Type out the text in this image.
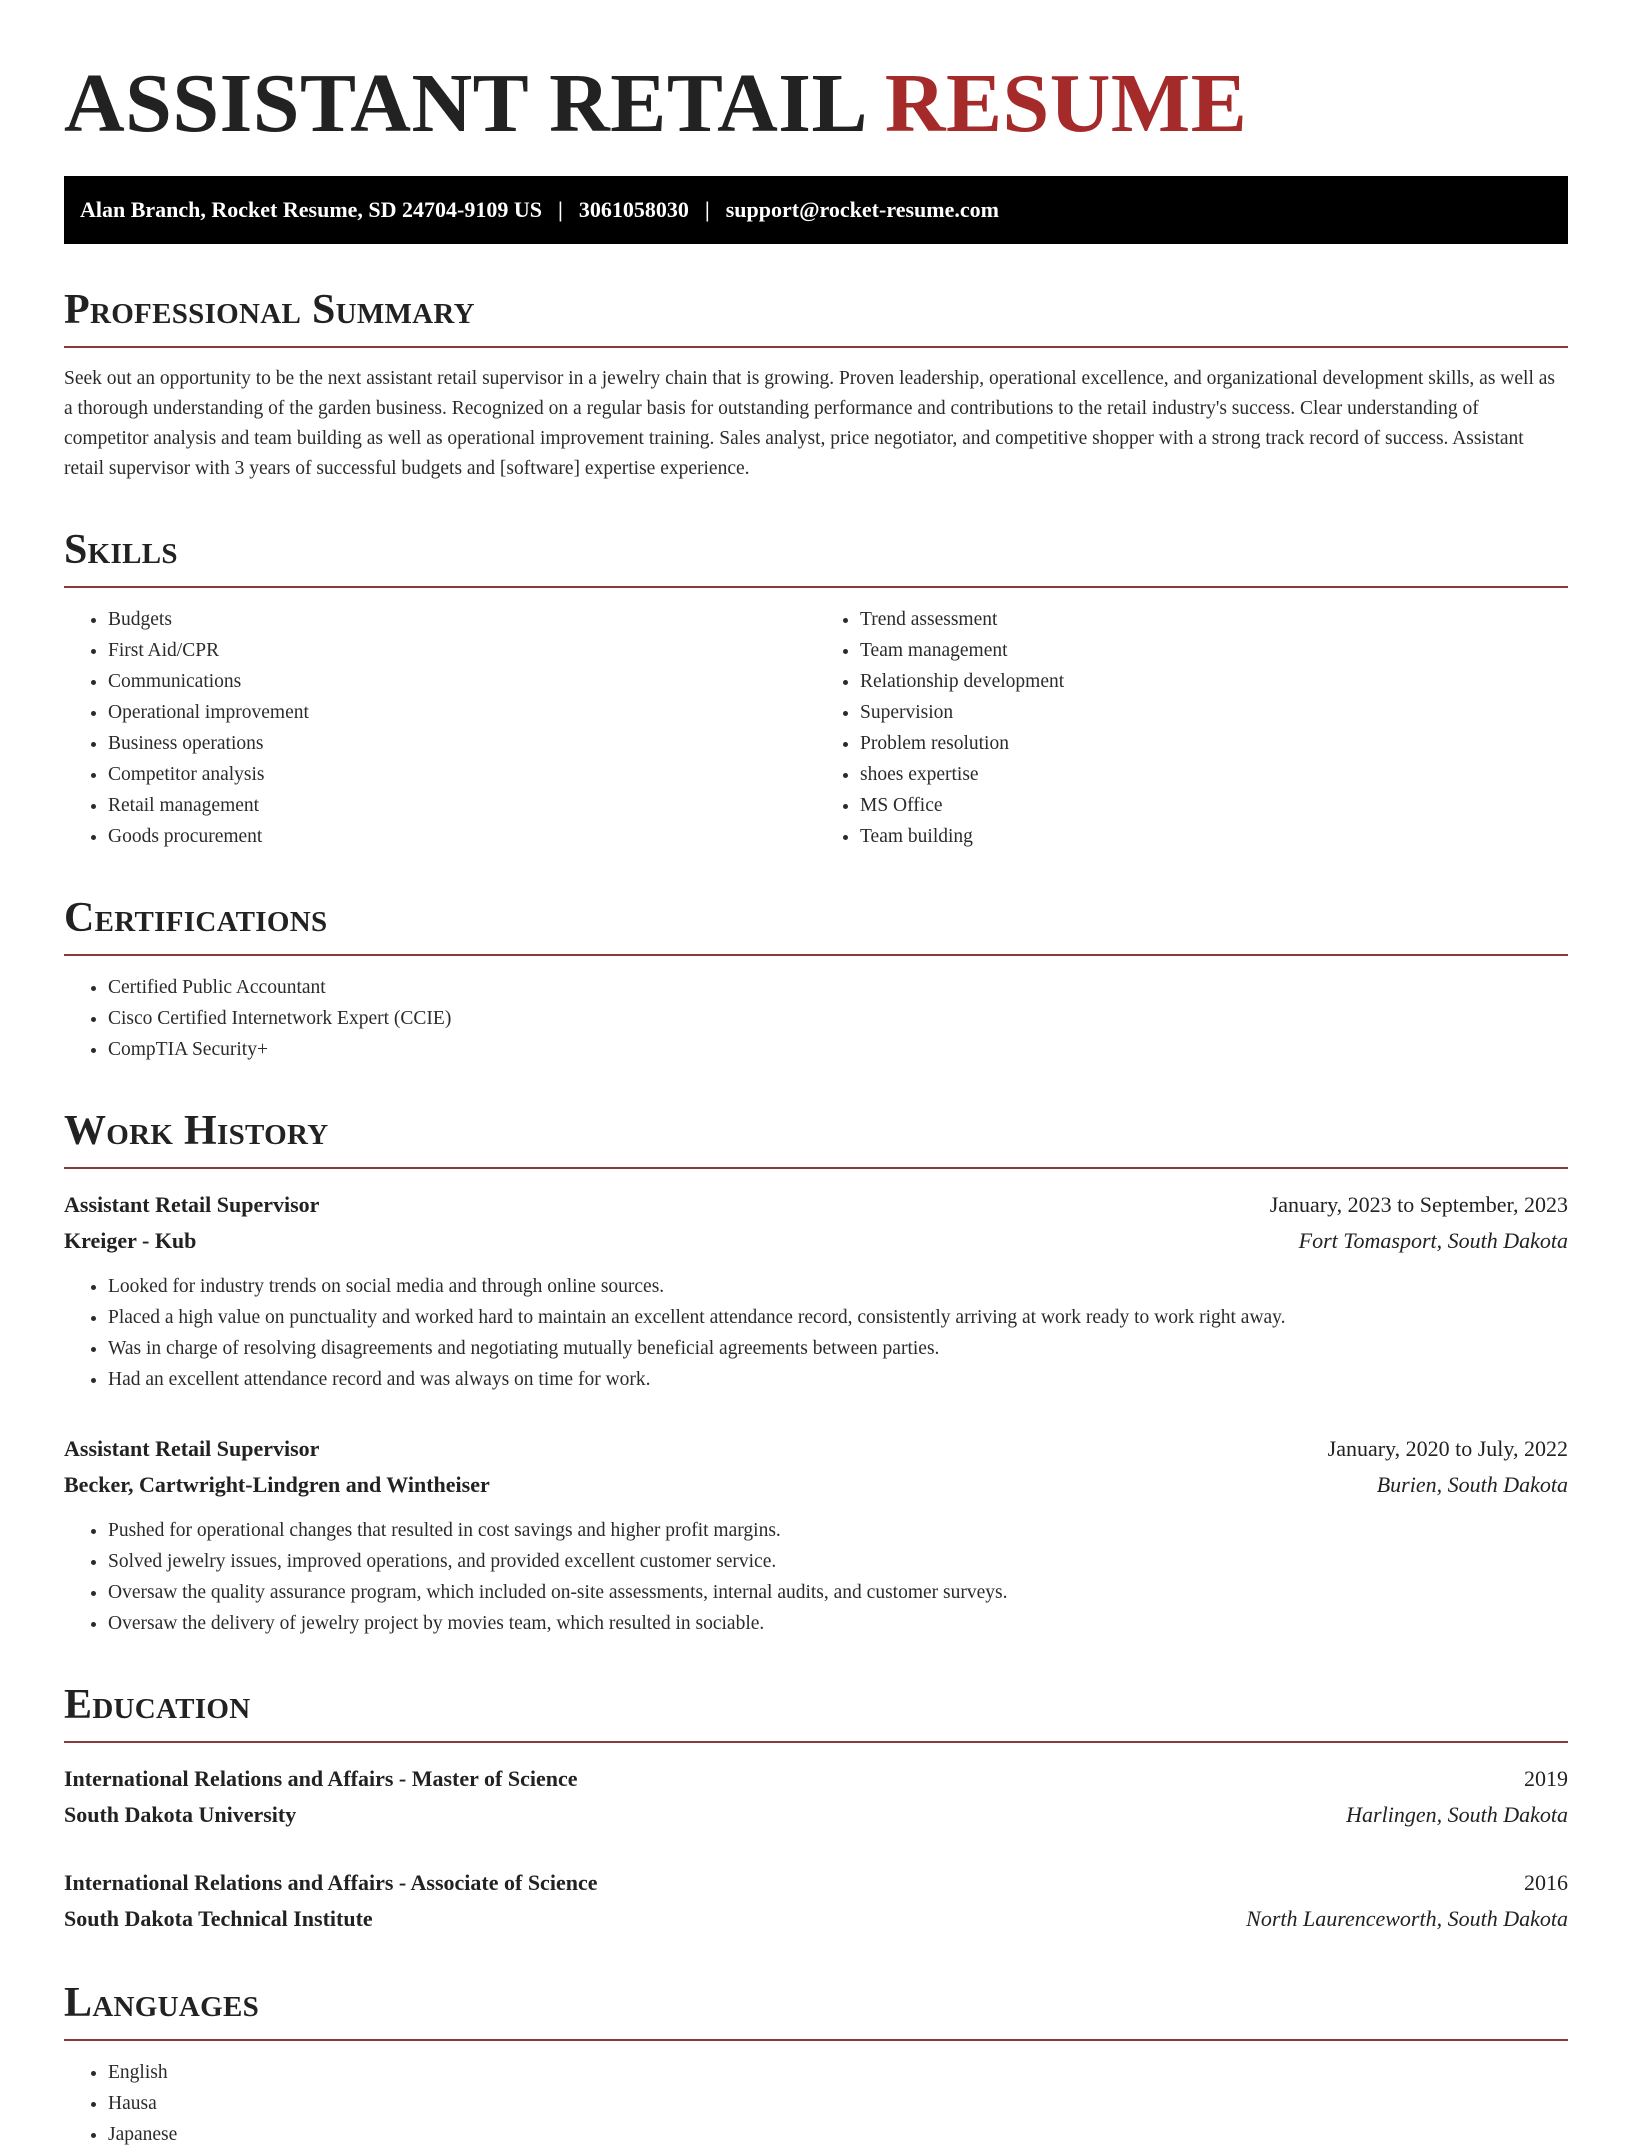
ASSISTANT RETAIL RESUME
Alan Branch, Rocket Resume, SD 24704-9109 US | 3061058030 | support@rocket-resume.com
Professional Summary

Seek out an opportunity to be the next assistant retail supervisor in a jewelry chain that is growing. Proven leadership, operational excellence, and organizational development skills, as well as a thorough understanding of the garden business. Recognized on a regular basis for outstanding performance and contributions to the retail industry's success. Clear understanding of competitor analysis and team building as well as operational improvement training. Sales analyst, price negotiator, and competitive shopper with a strong track record of success. Assistant retail supervisor with 3 years of successful budgets and [software] expertise experience.

Skills
• Budgets
• First Aid/CPR
• Communications
• Operational improvement
• Business operations
• Competitor analysis
• Retail management
• Goods procurement
• Trend assessment
• Team management
• Relationship development
• Supervision
• Problem resolution
• shoes expertise
• MS Office
• Team building
Certifications
• Certified Public Accountant
• Cisco Certified Internetwork Expert (CCIE)
• CompTIA Security+
Work History
Assistant Retail Supervisor	January, 2023 to September, 2023
Kreiger - Kub	Fort Tomasport, South Dakota
• Looked for industry trends on social media and through online sources.
• Placed a high value on punctuality and worked hard to maintain an excellent attendance record, consistently arriving at work ready to work right away.
• Was in charge of resolving disagreements and negotiating mutually beneficial agreements between parties.
• Had an excellent attendance record and was always on time for work.
Assistant Retail Supervisor	January, 2020 to July, 2022
Becker, Cartwright-Lindgren and Wintheiser	Burien, South Dakota
• Pushed for operational changes that resulted in cost savings and higher profit margins.
• Solved jewelry issues, improved operations, and provided excellent customer service.
• Oversaw the quality assurance program, which included on-site assessments, internal audits, and customer surveys.
• Oversaw the delivery of jewelry project by movies team, which resulted in sociable.
Education
International Relations and Affairs - Master of Science	2019
South Dakota University	Harlingen, South Dakota
International Relations and Affairs - Associate of Science	2016
South Dakota Technical Institute	North Laurenceworth, South Dakota
Languages
• English
• Hausa
• Japanese
